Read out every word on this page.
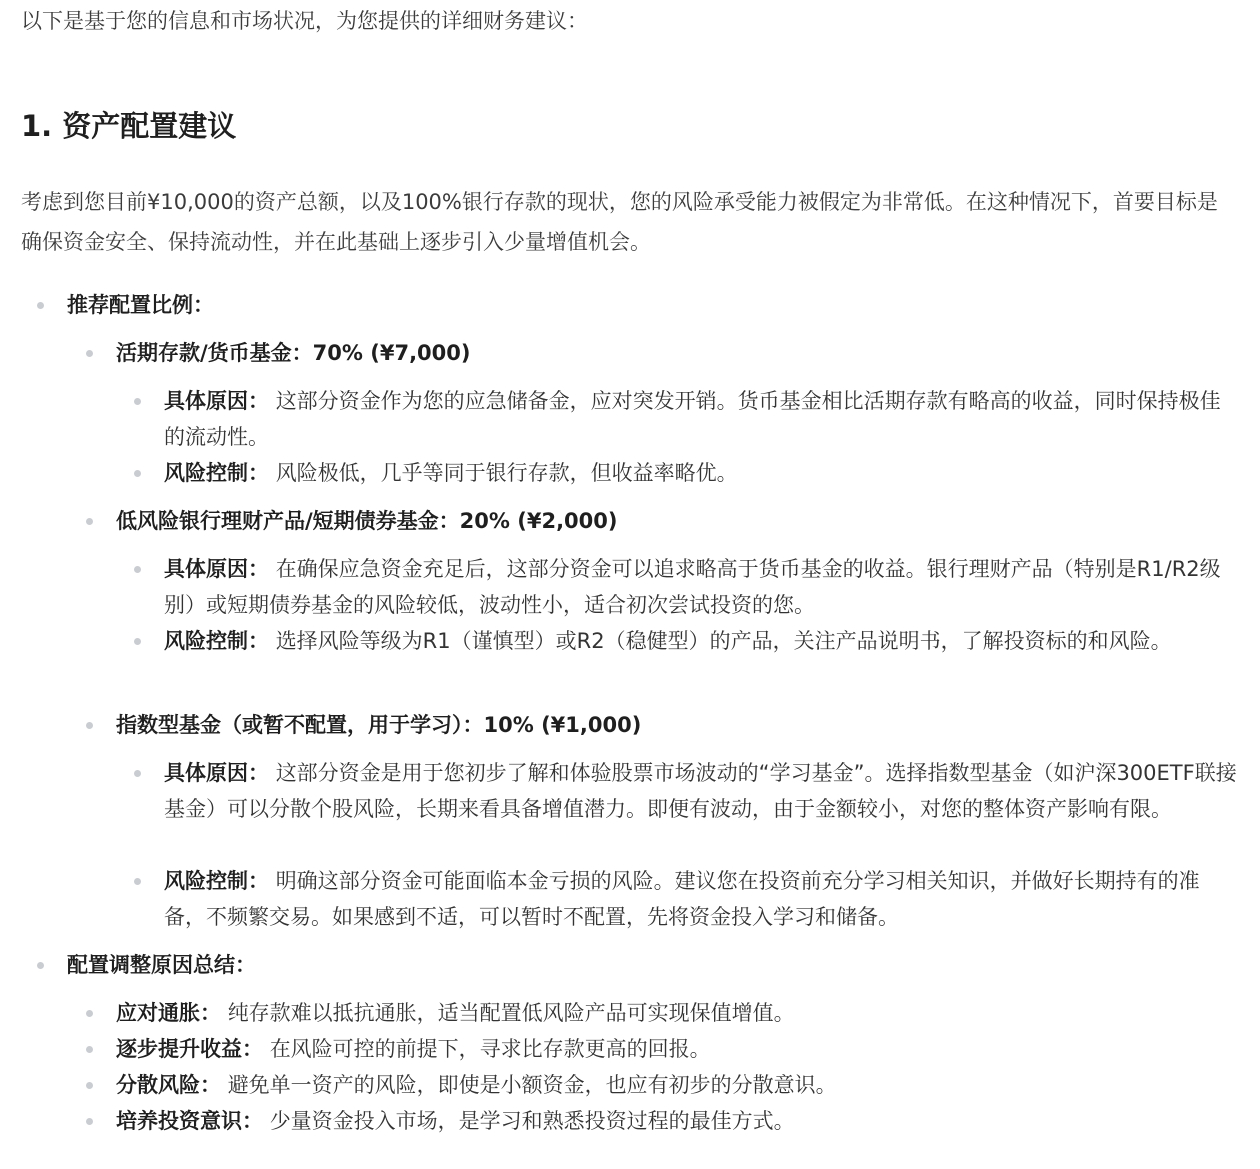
以下是基于您的信息和市场状况，为您提供的详细财务建议：
1. 资产配置建议
考虑到您目前¥10,000的资产总额，以及100%银行存款的现状，您的风险承受能力被假定为非常低。在这种情况下，首要目标是确保资金安全、保持流动性，并在此基础上逐步引入少量增值机会。
推荐配置比例：
活期存款/货币基金：70% (¥7,000)
具体原因： 这部分资金作为您的应急储备金，应对突发开销。货币基金相比活期存款有略高的收益，同时保持极佳的流动性。
风险控制： 风险极低，几乎等同于银行存款，但收益率略优。
低风险银行理财产品/短期债券基金：20% (¥2,000)
具体原因： 在确保应急资金充足后，这部分资金可以追求略高于货币基金的收益。银行理财产品（特别是R1/R2级别）或短期债券基金的风险较低，波动性小，适合初次尝试投资的您。
风险控制： 选择风险等级为R1（谨慎型）或R2（稳健型）的产品，关注产品说明书，了解投资标的和风险。
指数型基金（或暂不配置，用于学习）：10% (¥1,000)
具体原因： 这部分资金是用于您初步了解和体验股票市场波动的“学习基金”。选择指数型基金（如沪深300ETF联接基金）可以分散个股风险，长期来看具备增值潜力。即便有波动，由于金额较小，对您的整体资产影响有限。
风险控制： 明确这部分资金可能面临本金亏损的风险。建议您在投资前充分学习相关知识，并做好长期持有的准备，不频繁交易。如果感到不适，可以暂时不配置，先将资金投入学习和储备。
配置调整原因总结：
应对通胀： 纯存款难以抵抗通胀，适当配置低风险产品可实现保值增值。
逐步提升收益： 在风险可控的前提下，寻求比存款更高的回报。
分散风险： 避免单一资产的风险，即使是小额资金，也应有初步的分散意识。
培养投资意识： 少量资金投入市场，是学习和熟悉投资过程的最佳方式。
